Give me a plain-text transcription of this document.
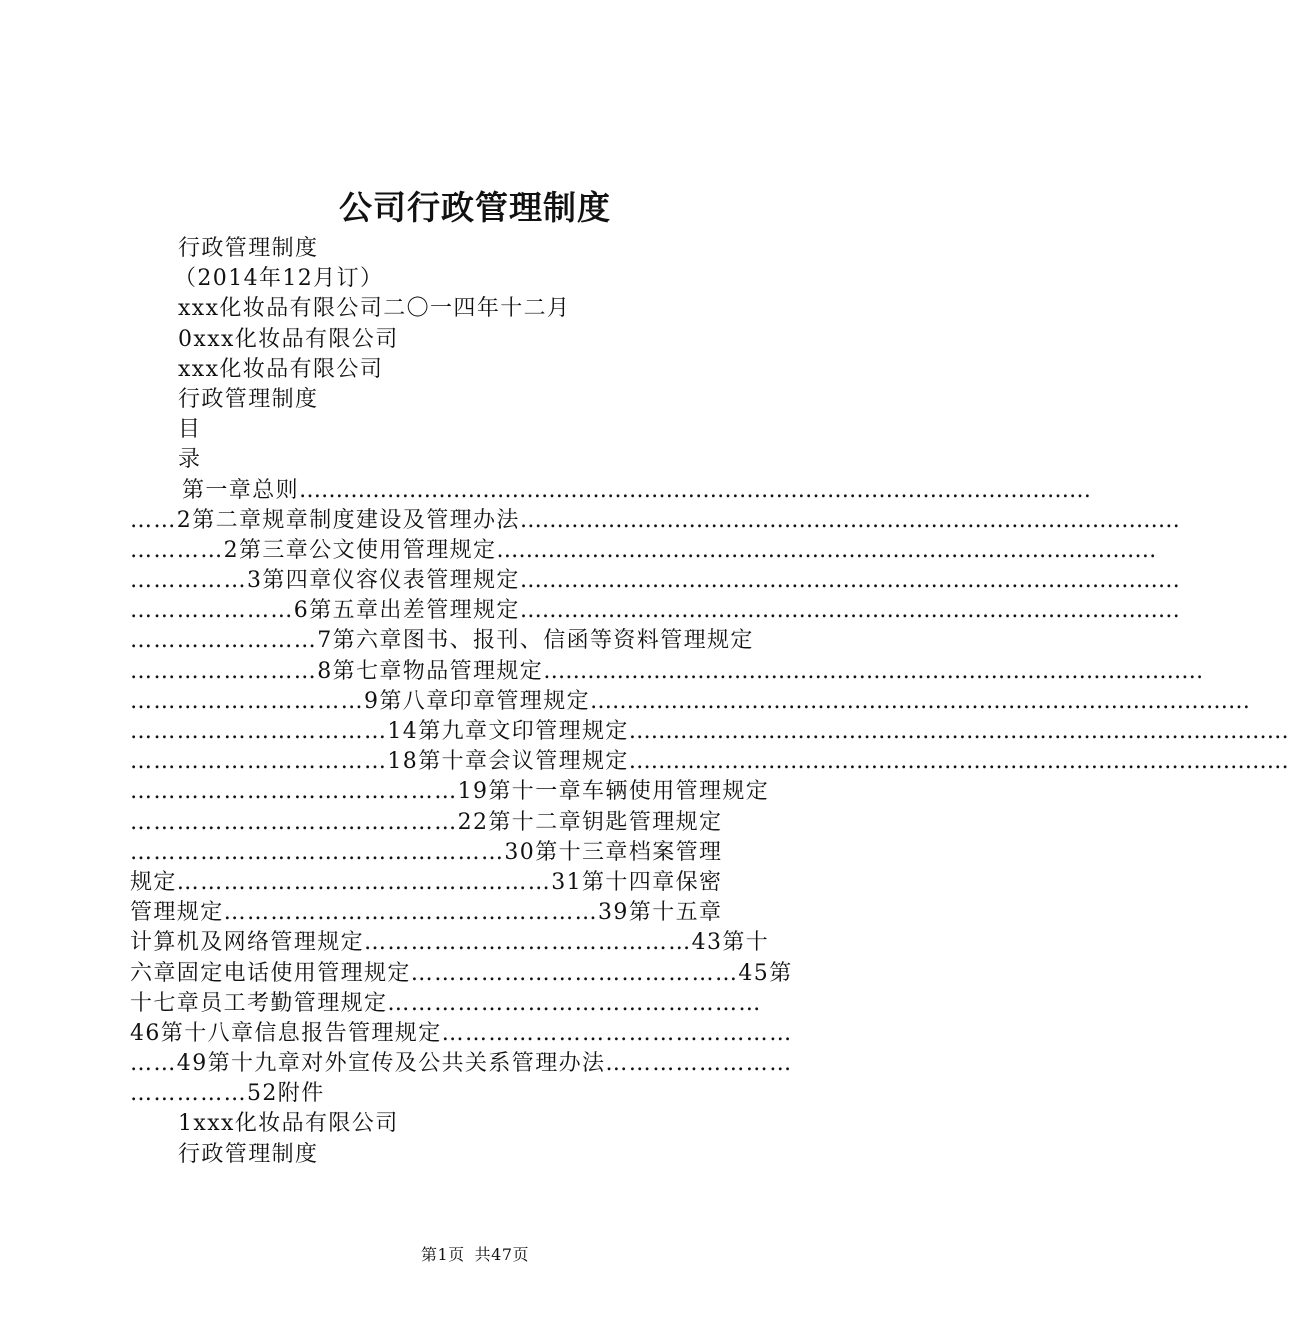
公司行政管理制度
行政管理制度
（2014年12月订）
xxx化妆品有限公司二〇一四年十二月
0xxx化妆品有限公司
xxx化妆品有限公司
行政管理制度
目
录
第一章总则 ………………………………………………………………………………………………
……2第二章规章制度建设及管理办法 ………………………………………………………………………………
…………2第三章公文使用管理规定 ………………………………………………………………………………
……………3第四章仪容仪表管理规定 ………………………………………………………………………………
…………………6第五章出差管理规定 ………………………………………………………………………………
……………………7第六章图书、报刊、信函等资料管理规定
……………………8第七章物品管理规定 ………………………………………………………………………………
…………………………9第八章印章管理规定 ………………………………………………………………………………
……………………………14第九章文印管理规定 ………………………………………………………………………………
……………………………18第十章会议管理规定 ………………………………………………………………………………
……………………………………19第十一章车辆使用管理规定
……………………………………22第十二章钥匙管理规定
…………………………………………30第十三章档案管理
规定…………………………………………31第十四章保密
管理规定…………………………………………39第十五章
计算机及网络管理规定……………………………………43第十
六章固定电话使用管理规定……………………………………45第
十七章员工考勤管理规定…………………………………………
46第十八章信息报告管理规定………………………………………
……49第十九章对外宣传及公共关系管理办法……………………
……………52附件
1xxx化妆品有限公司
行政管理制度
第1页 共47页
